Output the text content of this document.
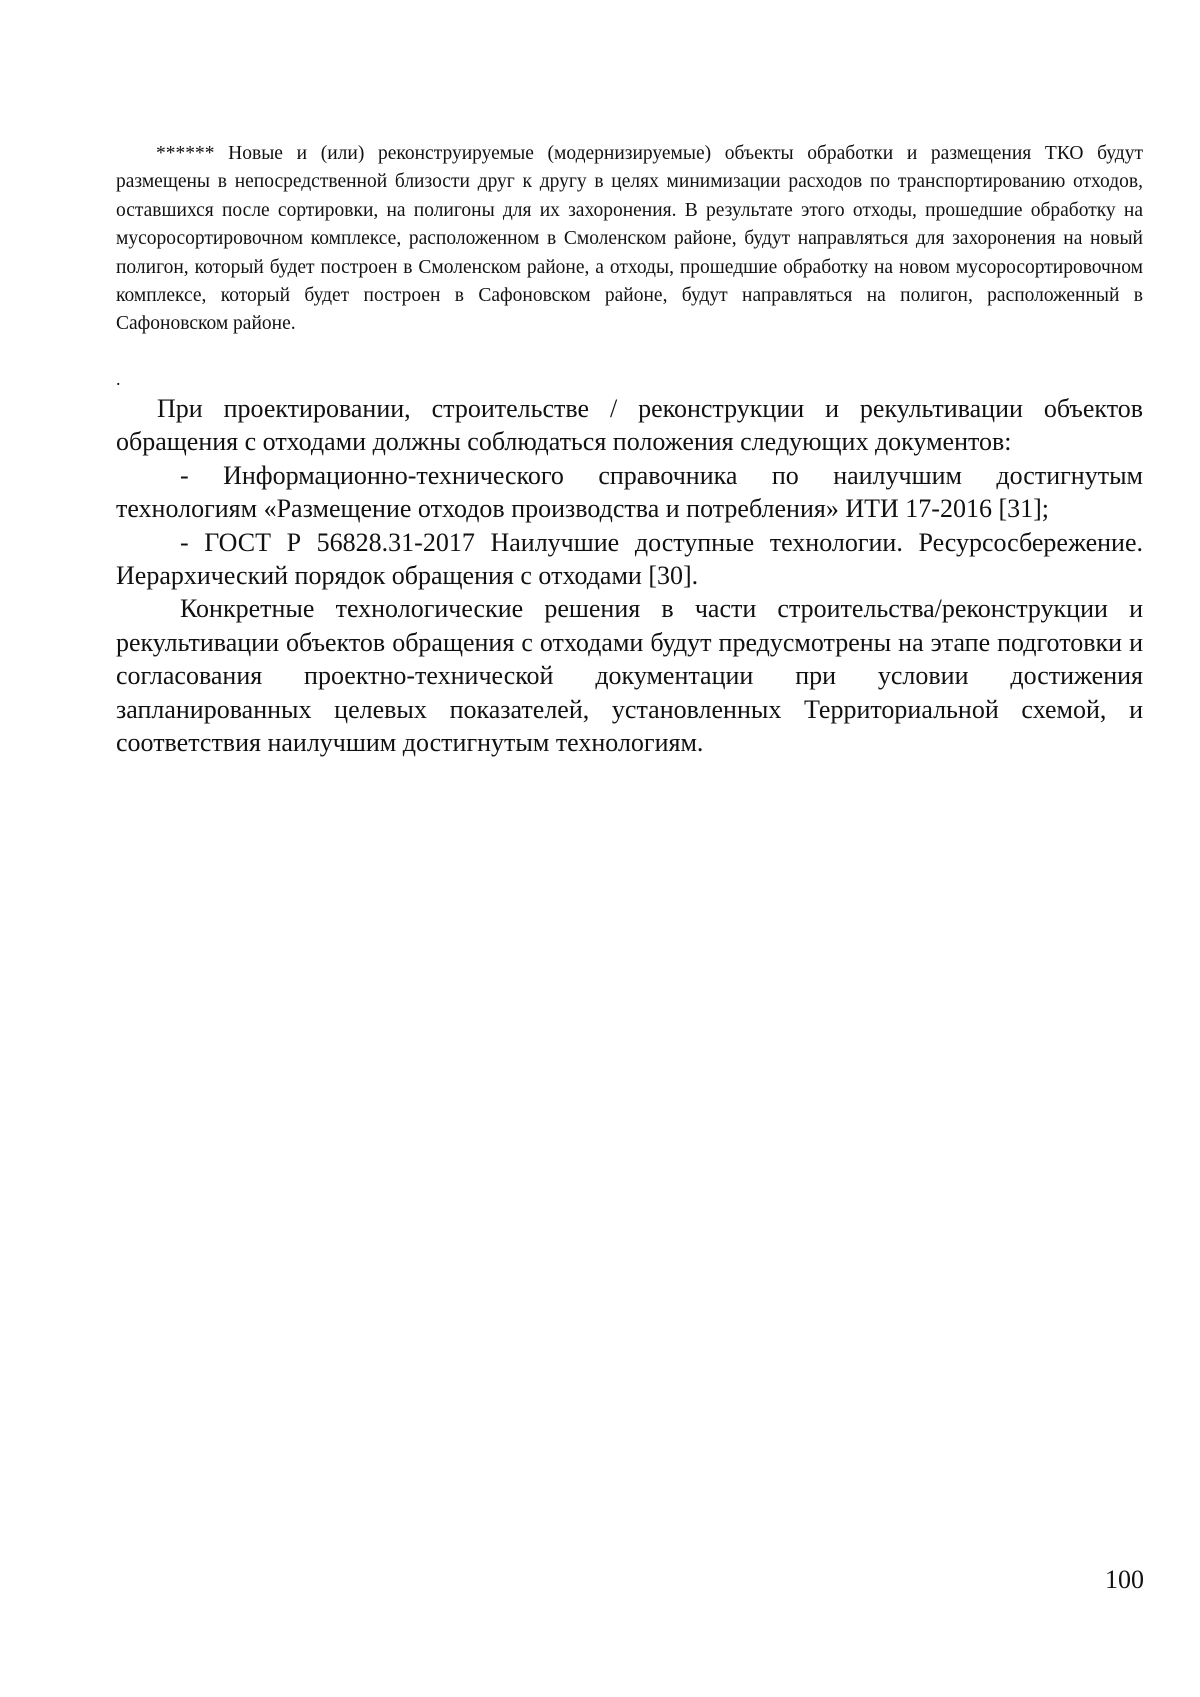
****** Новые и (или) реконструируемые (модернизируемые) объекты обработки и размещения ТКО будут размещены в непосредственной близости друг к другу в целях минимизации расходов по транспортированию отходов, оставшихся после сортировки, на полигоны для их захоронения. В результате этого отходы, прошедшие обработку на мусоросортировочном комплексе, расположенном в Смоленском районе, будут направляться для захоронения на новый полигон, который будет построен в Смоленском районе, а отходы, прошедшие обработку на новом мусоросортировочном комплексе, который будет построен в Сафоновском районе, будут направляться на полигон, расположенный в Сафоновском районе.

.

При проектировании, строительстве / реконструкции и рекультивации объектов обращения с отходами должны соблюдаться положения следующих документов:

- Информационно-технического справочника по наилучшим достигнутым технологиям «Размещение отходов производства и потребления» ИТИ 17-2016 [31];

- ГОСТ Р 56828.31-2017 Наилучшие доступные технологии. Ресурсосбережение. Иерархический порядок обращения с отходами [30].

Конкретные технологические решения в части строительства/реконструкции и рекультивации объектов обращения с отходами будут предусмотрены на этапе подготовки и согласования проектно-технической документации при условии достижения запланированных целевых показателей, установленных Территориальной схемой, и соответствия наилучшим достигнутым технологиям.

100
